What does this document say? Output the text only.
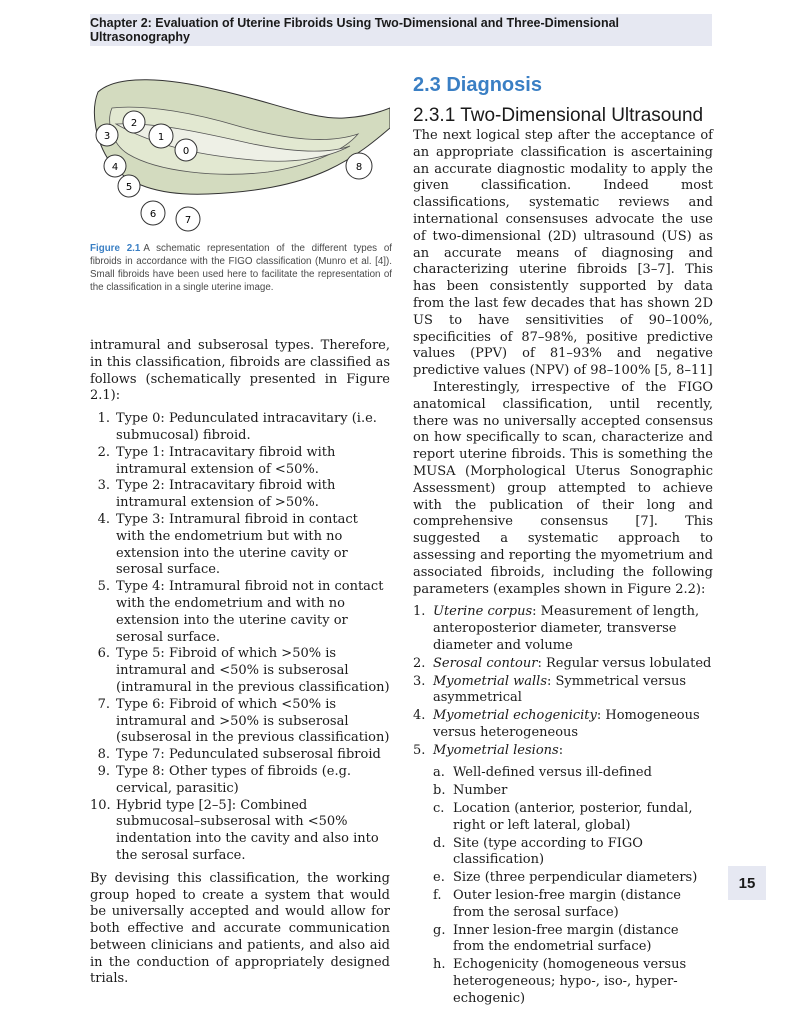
Chapter 2: Evaluation of Uterine Fibroids Using Two-Dimensional and Three-Dimensional Ultrasonography
2
3	1
0
4
5
6
7
8
Figure 2.1 A schematic representation of the different types of fibroids in accordance with the FIGO classification (Munro et al. [4]). Small fibroids have been used here to facilitate the representation of the classification in a single uterine image.

intramural and subserosal types. Therefore, in this classification, fibroids are classified as follows (schematically presented in Figure 2.1):

1. Type 0: Pedunculated intracavitary (i.e. submucosal) fibroid.
2. Type 1: Intracavitary fibroid with intramural extension of <50%.
3. Type 2: Intracavitary fibroid with intramural extension of >50%.
4. Type 3: Intramural fibroid in contact with the endometrium but with no extension into the uterine cavity or serosal surface.
5. Type 4: Intramural fibroid not in contact with the endometrium and with no extension into the uterine cavity or serosal surface.
6. Type 5: Fibroid of which >50% is intramural and <50% is subserosal (intramural in the previous classification)
7. Type 6: Fibroid of which <50% is intramural and >50% is subserosal (subserosal in the previous classification)
8. Type 7: Pedunculated subserosal fibroid
9. Type 8: Other types of fibroids (e.g. cervical, parasitic)
10. Hybrid type [2–5]: Combined submucosal–subserosal with <50% indentation into the cavity and also into the serosal surface.

By devising this classification, the working group hoped to create a system that would be universally accepted and would allow for both effective and accurate communication between clinicians and patients, and also aid in the conduction of appropriately designed trials.

2.3 Diagnosis
2.3.1 Two-Dimensional Ultrasound

The next logical step after the acceptance of an appropriate classification is ascertaining an accurate diagnostic modality to apply the given classification. Indeed most classifications, systematic reviews and international consensuses advocate the use of two-dimensional (2D) ultrasound (US) as an accurate means of diagnosing and characterizing uterine fibroids [3–7]. This has been consistently supported by data from the last few decades that has shown 2D US to have sensitivities of 90–100%, specificities of 87–98%, positive predictive values (PPV) of 81–93% and negative predictive values (NPV) of 98–100% [5, 8–11]

Interestingly, irrespective of the FIGO anatomical classification, until recently, there was no universally accepted consensus on how specifically to scan, characterize and report uterine fibroids. This is something the MUSA (Morphological Uterus Sonographic Assessment) group attempted to achieve with the publication of their long and comprehensive consensus [7]. This suggested a systematic approach to assessing and reporting the myometrium and associated fibroids, including the following parameters (examples shown in Figure 2.2):

1. Uterine corpus: Measurement of length, anteroposterior diameter, transverse diameter and volume
2. Serosal contour: Regular versus lobulated
3. Myometrial walls: Symmetrical versus asymmetrical
4. Myometrial echogenicity: Homogeneous versus heterogeneous
5. Myometrial lesions:
a. Well-defined versus ill-defined
b. Number
c. Location (anterior, posterior, fundal, right or left lateral, global)
d. Site (type according to FIGO classification)
e. Size (three perpendicular diameters)
f. Outer lesion-free margin (distance from the serosal surface)
g. Inner lesion-free margin (distance from the endometrial surface)
h. Echogenicity (homogeneous versus heterogeneous; hypo-, iso-, hyper-echogenic)
15
